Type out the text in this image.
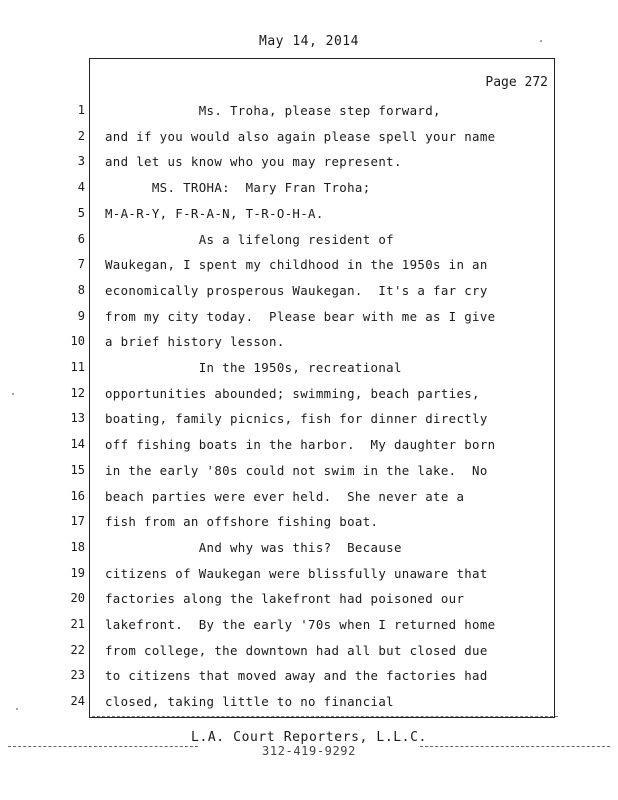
May 14, 2014
Page 272
1 Ms. Troha, please step forward,
2 and if you would also again please spell your name
3 and let us know who you may represent.
4 MS. TROHA:  Mary Fran Troha;
5 M-A-R-Y, F-R-A-N, T-R-O-H-A.
6 As a lifelong resident of
7 Waukegan, I spent my childhood in the 1950s in an
8 economically prosperous Waukegan.  It's a far cry
9 from my city today.  Please bear with me as I give
10 a brief history lesson.
11 In the 1950s, recreational
12 opportunities abounded; swimming, beach parties,
13 boating, family picnics, fish for dinner directly
14 off fishing boats in the harbor.  My daughter born
15 in the early '80s could not swim in the lake.  No
16 beach parties were ever held.  She never ate a
17 fish from an offshore fishing boat.
18 And why was this?  Because
19 citizens of Waukegan were blissfully unaware that
20 factories along the lakefront had poisoned our
21 lakefront.  By the early '70s when I returned home
22 from college, the downtown had all but closed due
23 to citizens that moved away and the factories had
24 closed, taking little to no financial
L.A. Court Reporters, L.L.C.
312-419-9292
